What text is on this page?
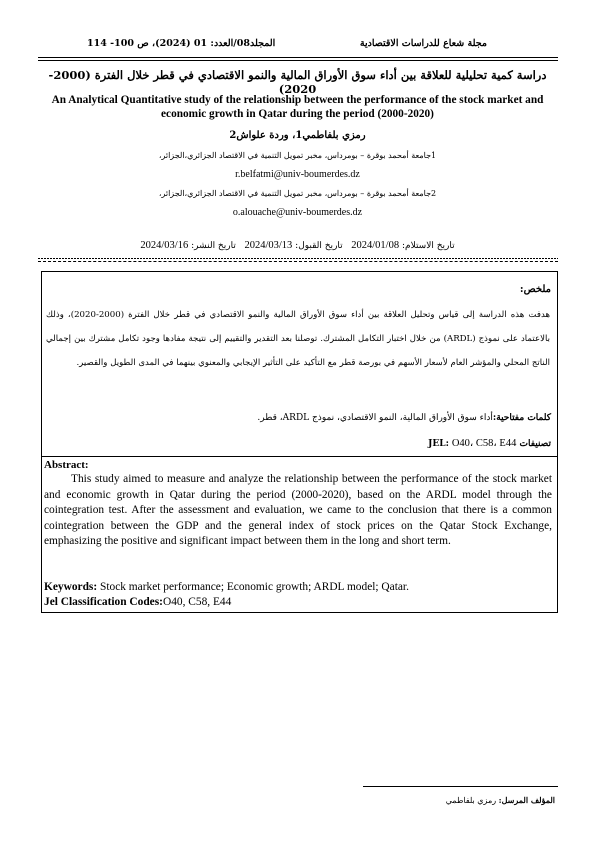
مجلة شعاع للدراسات الاقتصادية
المجلد08/العدد: 01 (2024)، ص 100- 114
دراسة كمية تحليلية للعلاقة بين أداء سوق الأوراق المالية والنمو الاقتصادي في قطر خلال الفترة (2000-2020)
An Analytical Quantitative study of the relationship between the performance of the stock market and economic growth in Qatar during the period (2000-2020)
رمزي بلفاطمي1، وردة علواش2
1جامعة أمحمد بوقرة – بومرداس، مخبر تمويل التنمية في الاقتصاد الجزائري،الجزائر،
r.belfatmi@univ-boumerdes.dz
2جامعة أمحمد بوقرة – بومرداس، مخبر تمويل التنمية في الاقتصاد الجزائري،الجزائر،
o.alouache@univ-boumerdes.dz
تاريخ الاستلام: 2024/01/08   تاريخ القبول: 2024/03/13   تاريخ النشر: 2024/03/16
ملخص:
هدفت هذه الدراسة إلى قياس وتحليل العلاقة بين أداء سوق الأوراق المالية والنمو الاقتصادي في قطر خلال الفترة (2000-2020)، وذلك بالاعتماد على نموذج (ARDL) من خلال اختبار التكامل المشترك. توصلنا بعد التقدير والتقييم إلى نتيجة مفادها وجود تكامل مشترك بين إجمالي الناتج المحلي والمؤشر العام لأسعار الأسهم في بورصة قطر مع التأكيد على التأثير الإيجابي والمعنوي بينهما في المدى الطويل والقصير.
كلمات مفتاحية:أداء سوق الأوراق المالية، النمو الاقتصادي، نموذج ARDL، قطر.
تصنيفات JEL: O40، C58، E44
Abstract:
This study aimed to measure and analyze the relationship between the performance of the stock market and economic growth in Qatar during the period (2000-2020), based on the ARDL model through the cointegration test. After the assessment and evaluation, we came to the conclusion that there is a common cointegration between the GDP and the general index of stock prices on the Qatar Stock Exchange, emphasizing the positive and significant impact between them in the long and short term.
Keywords: Stock market performance; Economic growth; ARDL model; Qatar.
Jel Classification Codes:O40, C58, E44
المؤلف المرسل: رمزي بلفاطمي
